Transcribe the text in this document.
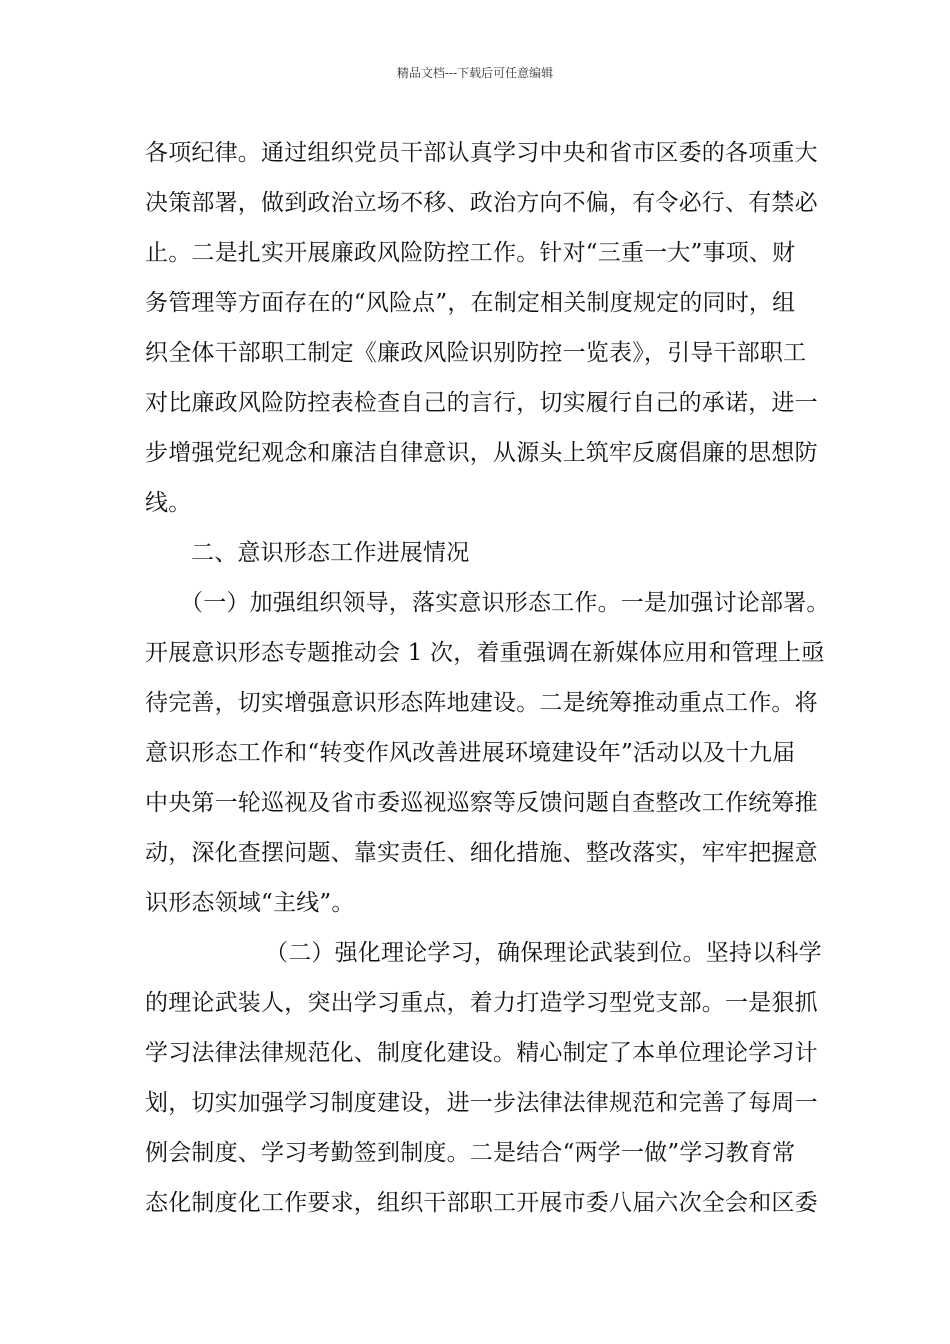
精品文档---下载后可任意编辑
各项纪律。通过组织党员干部认真学习中央和省市区委的各项重大
决策部署，做到政治立场不移、政治方向不偏，有令必行、有禁必
止。二是扎实开展廉政风险防控工作。针对“三重一大”事项、财
务管理等方面存在的“风险点”，在制定相关制度规定的同时，组
织全体干部职工制定《廉政风险识别防控一览表》，引导干部职工
对比廉政风险防控表检查自己的言行，切实履行自己的承诺，进一
步增强党纪观念和廉洁自律意识，从源头上筑牢反腐倡廉的思想防
线。
二、意识形态工作进展情况
（一）加强组织领导，落实意识形态工作。一是加强讨论部署。
开展意识形态专题推动会 1 次，着重强调在新媒体应用和管理上亟
待完善，切实增强意识形态阵地建设。二是统筹推动重点工作。将
意识形态工作和“转变作风改善进展环境建设年”活动以及十九届
中央第一轮巡视及省市委巡视巡察等反馈问题自查整改工作统筹推
动，深化查摆问题、靠实责任、细化措施、整改落实，牢牢把握意
识形态领域“主线”。
（二）强化理论学习，确保理论武装到位。坚持以科学
的理论武装人，突出学习重点，着力打造学习型党支部。一是狠抓
学习法律法律规范化、制度化建设。精心制定了本单位理论学习计
划，切实加强学习制度建设，进一步法律法律规范和完善了每周一
例会制度、学习考勤签到制度。二是结合“两学一做”学习教育常
态化制度化工作要求，组织干部职工开展市委八届六次全会和区委
